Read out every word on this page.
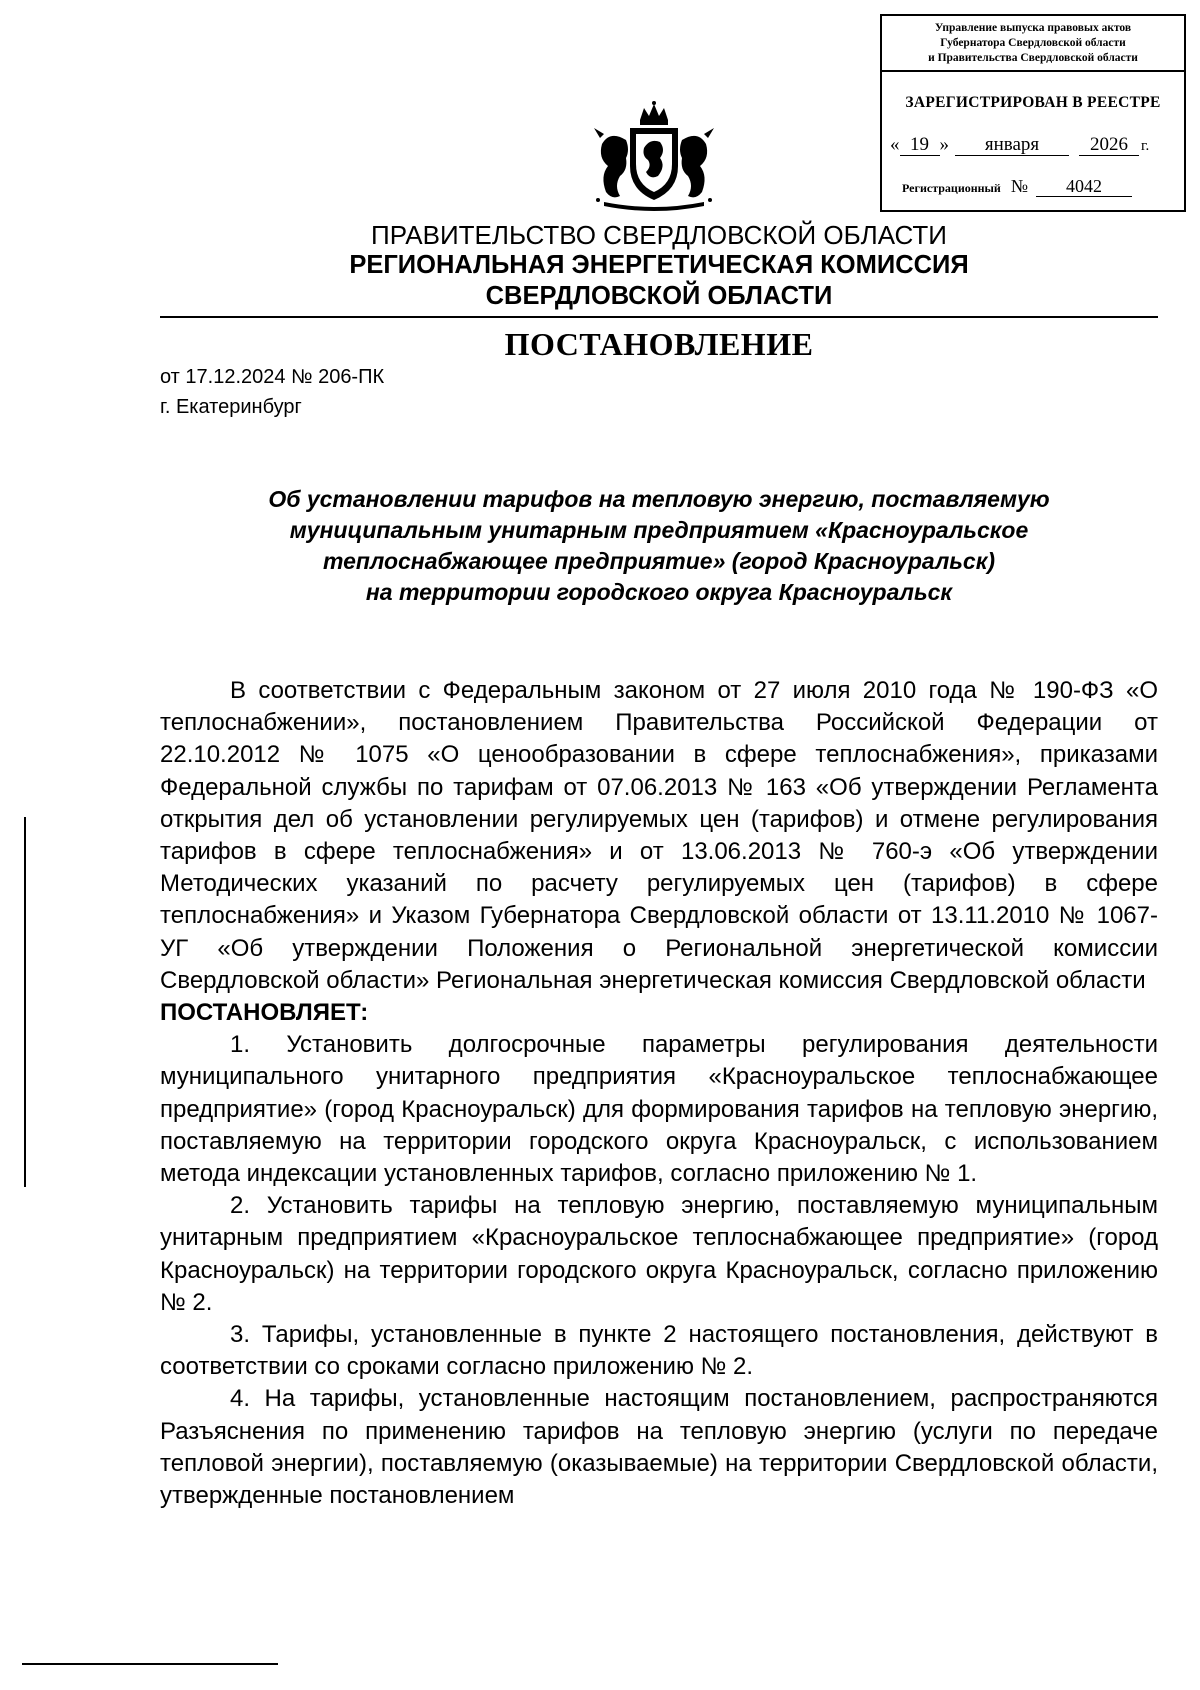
Управление выпуска правовых актов
Губернатора Свердловской области
и Правительства Свердловской области
ЗАРЕГИСТРИРОВАН В РЕЕСТРЕ
« 19 »	января	2026 г.
Регистрационный №	4042
ПРАВИТЕЛЬСТВО СВЕРДЛОВСКОЙ ОБЛАСТИ
РЕГИОНАЛЬНАЯ ЭНЕРГЕТИЧЕСКАЯ КОМИССИЯ
СВЕРДЛОВСКОЙ ОБЛАСТИ
ПОСТАНОВЛЕНИЕ
от 17.12.2024 № 206-ПК
г. Екатеринбург
Об установлении тарифов на тепловую энергию, поставляемую
муниципальным унитарным предприятием «Красноуральское
теплоснабжающее предприятие» (город Красноуральск)
на территории городского округа Красноуральск

В соответствии с Федеральным законом от 27 июля 2010 года № 190-ФЗ «О теплоснабжении», постановлением Правительства Российской Федерации от 22.10.2012 № 1075 «О ценообразовании в сфере теплоснабжения», приказами Федеральной службы по тарифам от 07.06.2013 № 163 «Об утверждении Регламента открытия дел об установлении регулируемых цен (тарифов) и отмене регулирования тарифов в сфере теплоснабжения» и от 13.06.2013 № 760-э «Об утверждении Методических указаний по расчету регулируемых цен (тарифов) в сфере теплоснабжения» и Указом Губернатора Свердловской области от 13.11.2010 № 1067-УГ «Об утверждении Положения о Региональной энергетической комиссии Свердловской области» Региональная энергетическая комиссия Свердловской области

ПОСТАНОВЛЯЕТ:

1. Установить долгосрочные параметры регулирования деятельности муниципального унитарного предприятия «Красноуральское теплоснабжающее предприятие» (город Красноуральск) для формирования тарифов на тепловую энергию, поставляемую на территории городского округа Красноуральск, с использованием метода индексации установленных тарифов, согласно приложению № 1.

2. Установить тарифы на тепловую энергию, поставляемую муниципальным унитарным предприятием «Красноуральское теплоснабжающее предприятие» (город Красноуральск) на территории городского округа Красноуральск, согласно приложению № 2.

3. Тарифы, установленные в пункте 2 настоящего постановления, действуют в соответствии со сроками согласно приложению № 2.

4. На тарифы, установленные настоящим постановлением, распространяются Разъяснения по применению тарифов на тепловую энергию (услуги по передаче тепловой энергии), поставляемую (оказываемые) на территории Свердловской области, утвержденные постановлением
